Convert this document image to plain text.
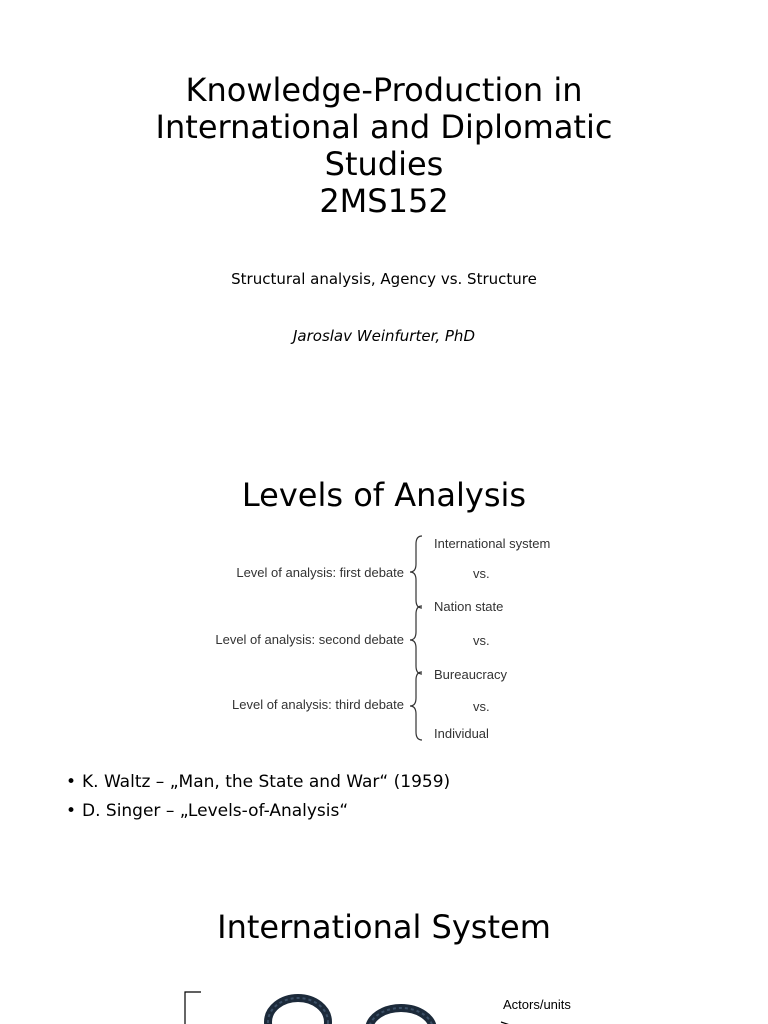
Knowledge-Production in
International and Diplomatic
Studies
2MS152
Structural analysis, Agency vs. Structure
Jaroslav Weinfurter, PhD
Levels of Analysis
Level of analysis: first debate
Level of analysis: second debate
Level of analysis: third debate
International system
vs.
Nation state
vs.
Bureaucracy
vs.
Individual
• K. Waltz – „Man, the State and War“ (1959)
• D. Singer – „Levels-of-Analysis“
International System
Actors/units
